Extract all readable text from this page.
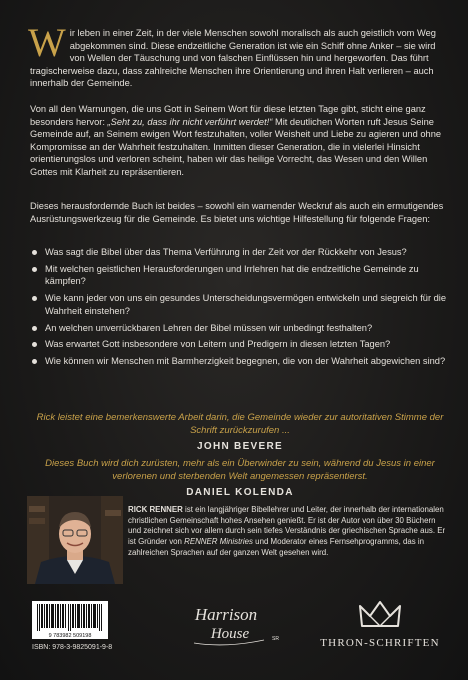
Wir leben in einer Zeit, in der viele Menschen sowohl moralisch als auch geistlich vom Weg abgekommen sind. Diese endzeitliche Generation ist wie ein Schiff ohne Anker – sie wird von Wellen der Täuschung und von falschen Einflüssen hin und hergeworfen. Das führt tragischerweise dazu, dass zahlreiche Menschen ihre Orientierung und ihren Halt verlieren – auch innerhalb der Gemeinde.

Von all den Warnungen, die uns Gott in Seinem Wort für diese letzten Tage gibt, sticht eine ganz besonders hervor: „Seht zu, dass ihr nicht verführt werdet!“ Mit deutlichen Worten ruft Jesus Seine Gemeinde auf, an Seinem ewigen Wort festzuhalten, voller Weisheit und Liebe zu agieren und ohne Kompromisse an der Wahrheit festzuhalten. Inmitten dieser Generation, die in vielerlei Hinsicht orientierungslos und verloren scheint, haben wir das heilige Vorrecht, das Wesen und den Willen Gottes mit Klarheit zu repräsentieren.

Dieses herausfordernde Buch ist beides – sowohl ein warnender Weckruf als auch ein ermutigendes Ausrüstungswerkzeug für die Gemeinde. Es bietet uns wichtige Hilfestellung für folgende Fragen:

Was sagt die Bibel über das Thema Verführung in der Zeit vor der Rückkehr von Jesus?
Mit welchen geistlichen Herausforderungen und Irrlehren hat die endzeitliche Gemeinde zu kämpfen?
Wie kann jeder von uns ein gesundes Unterscheidungsvermögen entwickeln und siegreich für die Wahrheit einstehen?
An welchen unverrückbaren Lehren der Bibel müssen wir unbedingt festhalten?
Was erwartet Gott insbesondere von Leitern und Predigern in diesen letzten Tagen?
Wie können wir Menschen mit Barmherzigkeit begegnen, die von der Wahrheit abgewichen sind?
Rick leistet eine bemerkenswerte Arbeit darin, die Gemeinde wieder zur autoritativen Stimme der Schrift zurückzurufen ...
JOHN BEVERE
Dieses Buch wird dich zurüsten, mehr als ein Überwinder zu sein, während du Jesus in einer verlorenen und sterbenden Welt angemessen repräsentierst.
DANIEL KOLENDA

RICK RENNER ist ein langjähriger Bibellehrer und Leiter, der innerhalb der internationalen christlichen Gemeinschaft hohes Ansehen genießt. Er ist der Autor von über 30 Büchern und zeichnet sich vor allem durch sein tiefes Verständnis der griechischen Sprache aus. Er ist Gründer von RENNER Ministries und Moderator eines Fernsehprogramms, das in zahlreichen Sprachen auf der ganzen Welt gesehen wird.

9 783982 509198
ISBN: 978-3-9825091-9-8
Harrison
House	SR	THRON-SCHRIFTEN
